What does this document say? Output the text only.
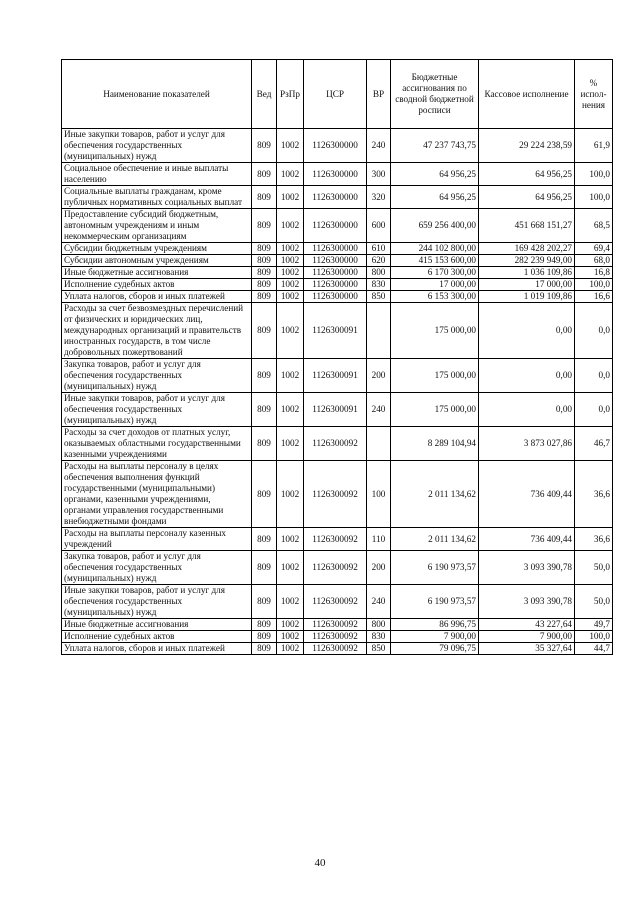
Наименование показателей	Вед	РзПр	ЦСР	ВР	Бюджетные ассигнования по сводной бюджетной росписи	Кассовое исполнение	% испол-нения
Иные закупки товаров, работ и услуг для обеспечения государственных (муниципальных) нужд	809	1002	1126300000	240	47 237 743,75	29 224 238,59	61,9
Социальное обеспечение и иные выплаты населению	809	1002	1126300000	300	64 956,25	64 956,25	100,0
Социальные выплаты гражданам, кроме публичных нормативных социальных выплат	809	1002	1126300000	320	64 956,25	64 956,25	100,0
Предоставление субсидий бюджетным, автономным учреждениям и иным некоммерческим организациям	809	1002	1126300000	600	659 256 400,00	451 668 151,27	68,5
Субсидии бюджетным учреждениям	809	1002	1126300000	610	244 102 800,00	169 428 202,27	69,4
Субсидии автономным учреждениям	809	1002	1126300000	620	415 153 600,00	282 239 949,00	68,0
Иные бюджетные ассигнования	809	1002	1126300000	800	6 170 300,00	1 036 109,86	16,8
Исполнение судебных актов	809	1002	1126300000	830	17 000,00	17 000,00	100,0
Уплата налогов, сборов и иных платежей	809	1002	1126300000	850	6 153 300,00	1 019 109,86	16,6
Расходы за счет безвозмездных перечислений от физических и юридических лиц, международных организаций и правительств иностранных государств, в том числе добровольных пожертвований	809	1002	1126300091		175 000,00	0,00	0,0
Закупка товаров, работ и услуг для обеспечения государственных (муниципальных) нужд	809	1002	1126300091	200	175 000,00	0,00	0,0
Иные закупки товаров, работ и услуг для обеспечения государственных (муниципальных) нужд	809	1002	1126300091	240	175 000,00	0,00	0,0
Расходы за счет доходов от платных услуг, оказываемых областными государственными казенными учреждениями	809	1002	1126300092		8 289 104,94	3 873 027,86	46,7
Расходы на выплаты персоналу в целях обеспечения выполнения функций государственными (муниципальными) органами, казенными учреждениями, органами управления государственными внебюджетными фондами	809	1002	1126300092	100	2 011 134,62	736 409,44	36,6
Расходы на выплаты персоналу казенных учреждений	809	1002	1126300092	110	2 011 134,62	736 409,44	36,6
Закупка товаров, работ и услуг для обеспечения государственных (муниципальных) нужд	809	1002	1126300092	200	6 190 973,57	3 093 390,78	50,0
Иные закупки товаров, работ и услуг для обеспечения государственных (муниципальных) нужд	809	1002	1126300092	240	6 190 973,57	3 093 390,78	50,0
Иные бюджетные ассигнования	809	1002	1126300092	800	86 996,75	43 227,64	49,7
Исполнение судебных актов	809	1002	1126300092	830	7 900,00	7 900,00	100,0
Уплата налогов, сборов и иных платежей	809	1002	1126300092	850	79 096,75	35 327,64	44,7
40
